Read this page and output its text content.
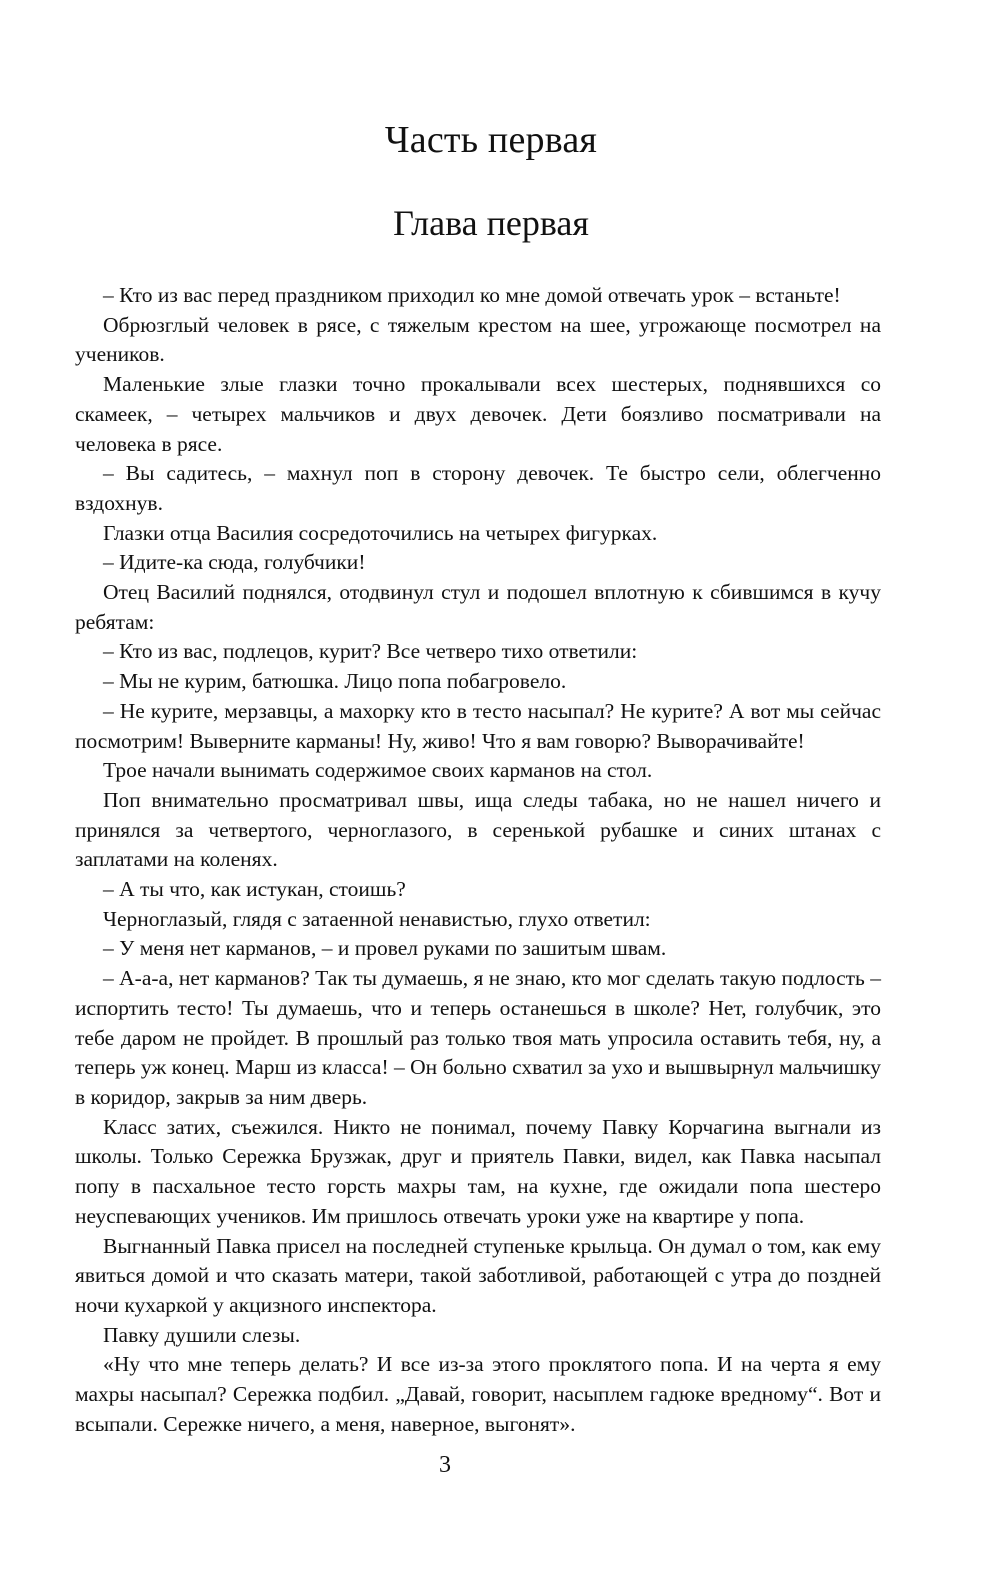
Часть первая
Глава первая

– Кто из вас перед праздником приходил ко мне домой отвечать урок – встаньте!

Обрюзглый человек в рясе, с тяжелым крестом на шее, угрожающе посмотрел на учеников.

Маленькие злые глазки точно прокалывали всех шестерых, поднявшихся со скамеек, – четырех мальчиков и двух девочек. Дети боязливо посматривали на человека в рясе.

– Вы садитесь, – махнул поп в сторону девочек. Те быстро сели, облегченно вздохнув.

Глазки отца Василия сосредоточились на четырех фигурках.

– Идите-ка сюда, голубчики!

Отец Василий поднялся, отодвинул стул и подошел вплотную к сбившимся в кучу ребятам:

– Кто из вас, подлецов, курит? Все четверо тихо ответили:

– Мы не курим, батюшка. Лицо попа побагровело.

– Не курите, мерзавцы, а махорку кто в тесто насыпал? Не курите? А вот мы сейчас посмотрим! Выверните карманы! Ну, живо! Что я вам говорю? Выворачивайте!

Трое начали вынимать содержимое своих карманов на стол.

Поп внимательно просматривал швы, ища следы табака, но не нашел ничего и принялся за четвертого, черноглазого, в серенькой рубашке и синих штанах с заплатами на коленях.

– А ты что, как истукан, стоишь?

Черноглазый, глядя с затаенной ненавистью, глухо ответил:

– У меня нет карманов, – и провел руками по зашитым швам.

– А-а-а, нет карманов? Так ты думаешь, я не знаю, кто мог сделать такую подлость – испортить тесто! Ты думаешь, что и теперь останешься в школе? Нет, голубчик, это тебе даром не пройдет. В прошлый раз только твоя мать упросила оставить тебя, ну, а теперь уж конец. Марш из класса! – Он больно схватил за ухо и вышвырнул мальчишку в коридор, закрыв за ним дверь.

Класс затих, съежился. Никто не понимал, почему Павку Корчагина выгнали из школы. Только Сережка Брузжак, друг и приятель Павки, видел, как Павка насыпал попу в пасхальное тесто горсть махры там, на кухне, где ожидали попа шестеро неуспевающих учеников. Им пришлось отвечать уроки уже на квартире у попа.

Выгнанный Павка присел на последней ступеньке крыльца. Он думал о том, как ему явиться домой и что сказать матери, такой заботливой, работающей с утра до поздней ночи кухаркой у акцизного инспектора.

Павку душили слезы.

«Ну что мне теперь делать? И все из-за этого проклятого попа. И на черта я ему махры насыпал? Сережка подбил. „Давай, говорит, насыплем гадюке вредному“. Вот и всыпали. Сережке ничего, а меня, наверное, выгонят».

3
